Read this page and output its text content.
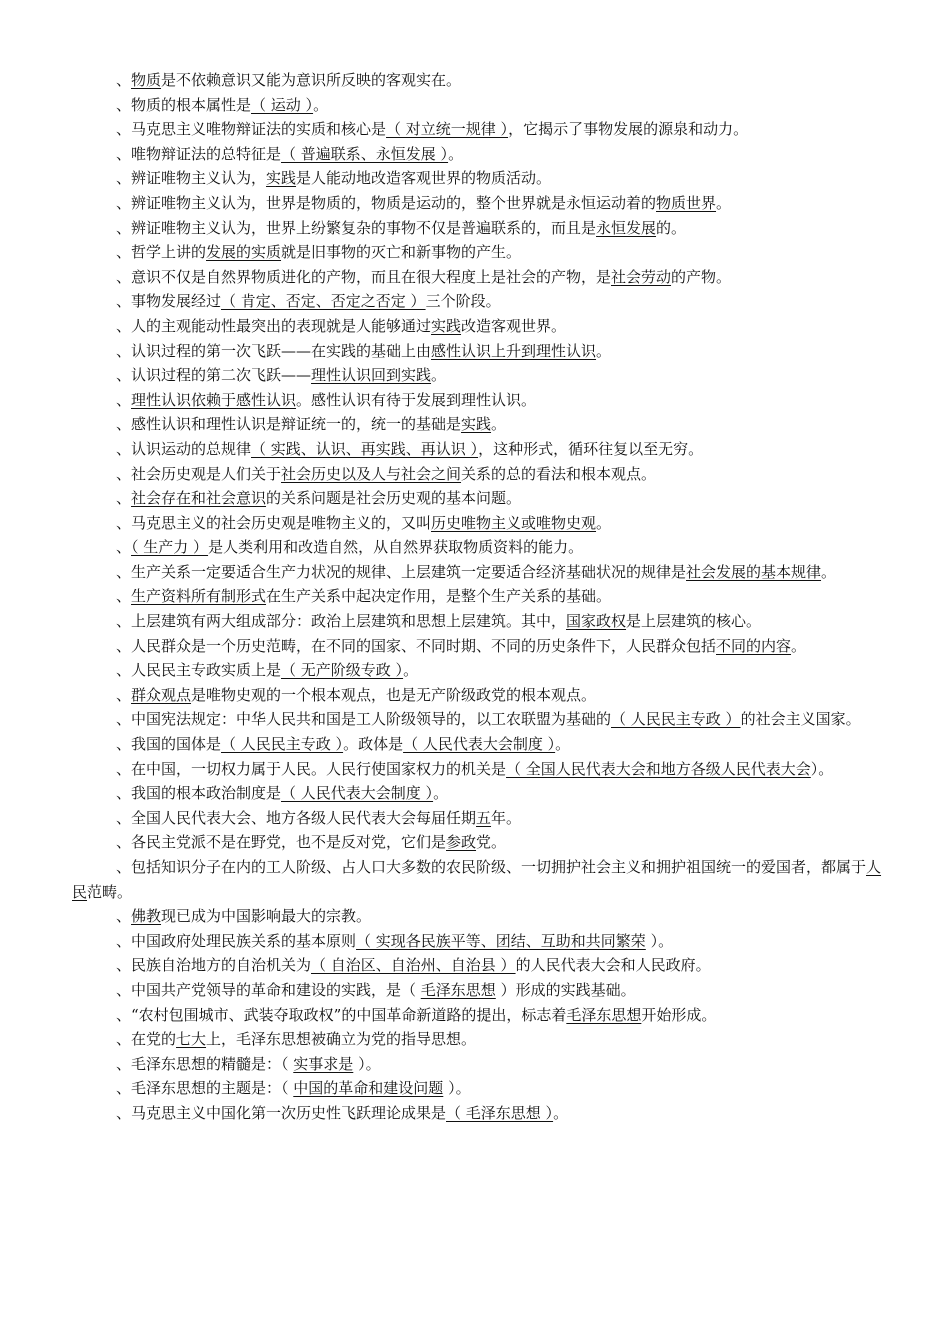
、物质是不依赖意识又能为意识所反映的客观实在。
、物质的根本属性是（ 运动 ）。
、马克思主义唯物辩证法的实质和核心是（ 对立统一规律 ），它揭示了事物发展的源泉和动力。
、唯物辩证法的总特征是（ 普遍联系、永恒发展 ）。
、辨证唯物主义认为，实践是人能动地改造客观世界的物质活动。
、辨证唯物主义认为，世界是物质的，物质是运动的，整个世界就是永恒运动着的物质世界。
、辨证唯物主义认为，世界上纷繁复杂的事物不仅是普遍联系的，而且是永恒发展的。
、哲学上讲的发展的实质就是旧事物的灭亡和新事物的产生。
、意识不仅是自然界物质进化的产物，而且在很大程度上是社会的产物，是社会劳动的产物。
、事物发展经过（ 肯定、否定、否定之否定 ）三个阶段。
、人的主观能动性最突出的表现就是人能够通过实践改造客观世界。
、认识过程的第一次飞跃——在实践的基础上由感性认识上升到理性认识。
、认识过程的第二次飞跃——理性认识回到实践。
、理性认识依赖于感性认识。感性认识有待于发展到理性认识。
、感性认识和理性认识是辩证统一的，统一的基础是实践。
、认识运动的总规律（ 实践、认识、再实践、再认识 ），这种形式，循环往复以至无穷。
、社会历史观是人们关于社会历史以及人与社会之间关系的总的看法和根本观点。
、社会存在和社会意识的关系问题是社会历史观的基本问题。
、马克思主义的社会历史观是唯物主义的，又叫历史唯物主义或唯物史观。
、（ 生产力 ）是人类利用和改造自然，从自然界获取物质资料的能力。
、生产关系一定要适合生产力状况的规律、上层建筑一定要适合经济基础状况的规律是社会发展的基本规律。
、生产资料所有制形式在生产关系中起决定作用，是整个生产关系的基础。
、上层建筑有两大组成部分：政治上层建筑和思想上层建筑。其中，国家政权是上层建筑的核心。
、人民群众是一个历史范畴，在不同的国家、不同时期、不同的历史条件下，人民群众包括不同的内容。
、人民民主专政实质上是（ 无产阶级专政 ）。
、群众观点是唯物史观的一个根本观点，也是无产阶级政党的根本观点。
、中国宪法规定：中华人民共和国是工人阶级领导的，以工农联盟为基础的（ 人民民主专政 ）的社会主义国家。
、我国的国体是（ 人民民主专政 ）。政体是（ 人民代表大会制度 ）。
、在中国，一切权力属于人民。人民行使国家权力的机关是（ 全国人民代表大会和地方各级人民代表大会）。
、我国的根本政治制度是（ 人民代表大会制度 ）。
、全国人民代表大会、地方各级人民代表大会每届任期五年。
、各民主党派不是在野党，也不是反对党，它们是参政党。
、包括知识分子在内的工人阶级、占人口大多数的农民阶级、一切拥护社会主义和拥护祖国统一的爱国者，都属于人民范畴。
、佛教现已成为中国影响最大的宗教。
、中国政府处理民族关系的基本原则（ 实现各民族平等、团结、互助和共同繁荣 ）。
、民族自治地方的自治机关为（ 自治区、自治州、自治县 ）的人民代表大会和人民政府。
、中国共产党领导的革命和建设的实践，是（ 毛泽东思想 ）形成的实践基础。
、“农村包围城市、武装夺取政权”的中国革命新道路的提出，标志着毛泽东思想开始形成。
、在党的七大上，毛泽东思想被确立为党的指导思想。
、毛泽东思想的精髓是：（ 实事求是 ）。
、毛泽东思想的主题是：（ 中国的革命和建设问题 ）。
、马克思主义中国化第一次历史性飞跃理论成果是（ 毛泽东思想 ）。
